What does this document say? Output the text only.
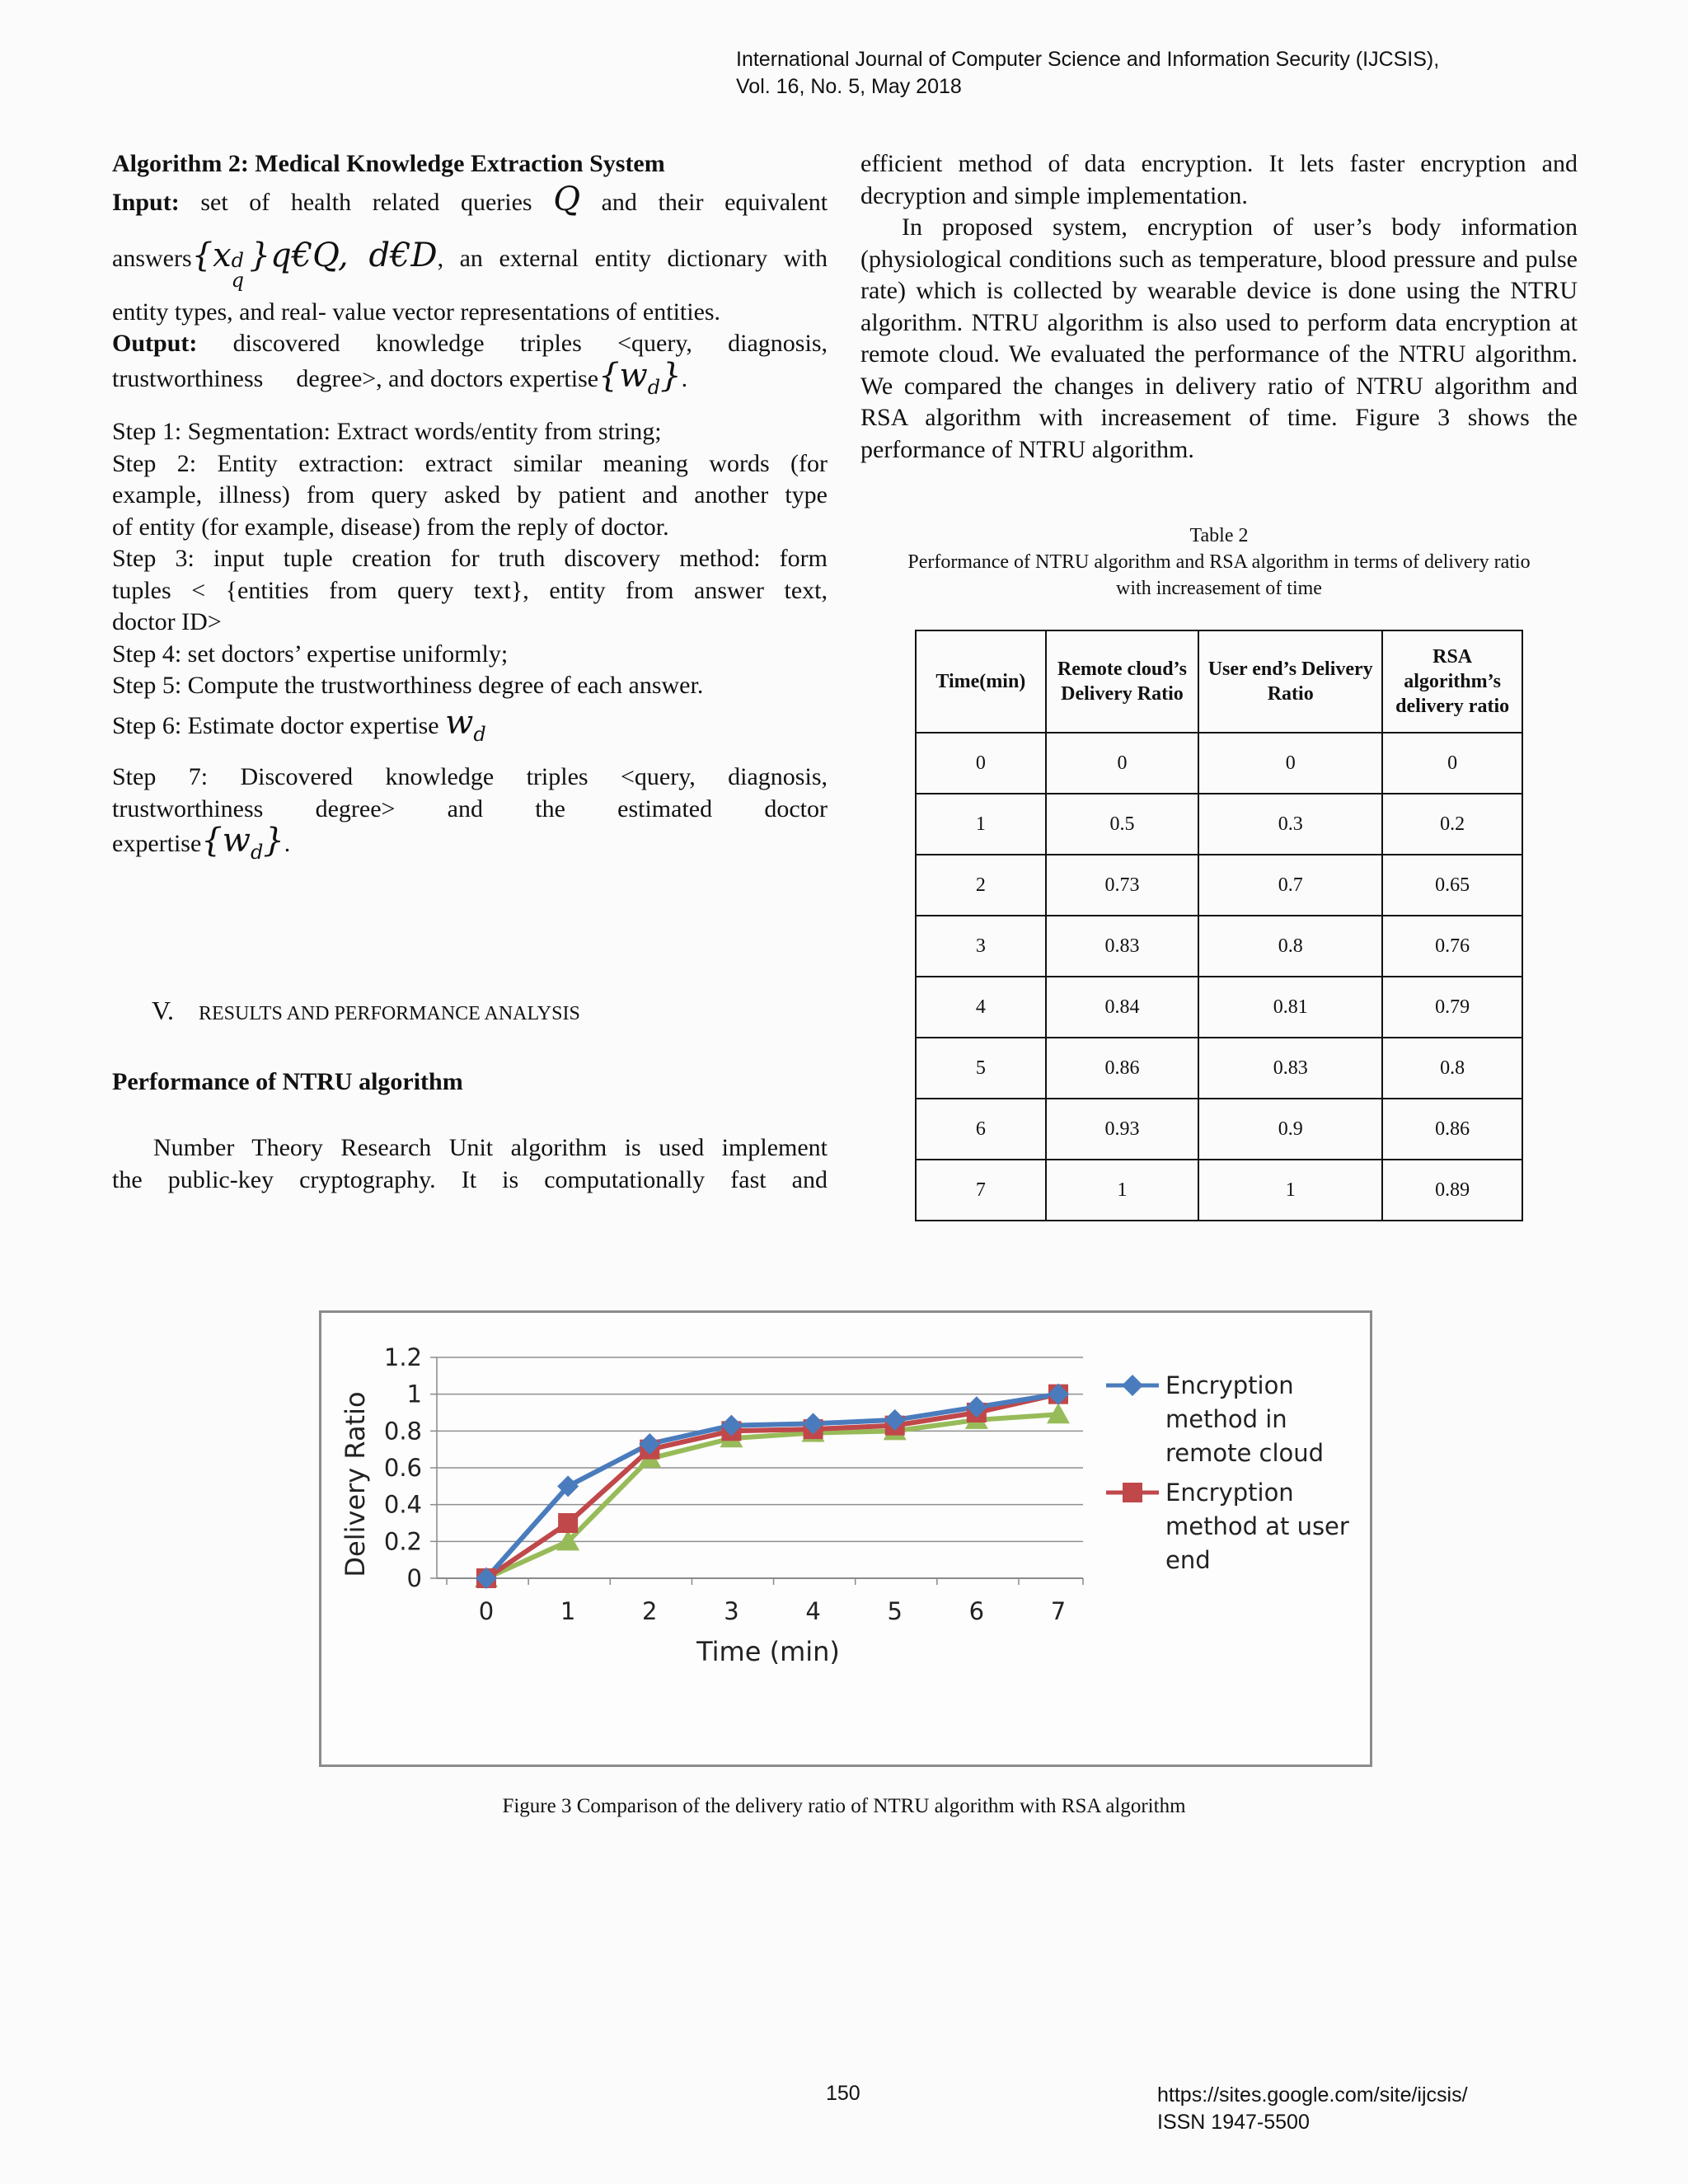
International Journal of Computer Science and Information Security (IJCSIS),
Vol. 16, No. 5, May 2018

Algorithm 2: Medical Knowledge Extraction System

Input: set of health related queries Q and their equivalent

answers{x d
q
}q€Q, d€D, an external entity dictionary with

entity types, and real- value vector representations of entities.

Output: discovered knowledge triples <query, diagnosis,

trustworthiness degree>, and doctors $expertise\{w_d\}$.

Step 1: Segmentation: Extract words/entity from string;

Step 2: Entity extraction: extract similar meaning words (for

example, illness) from query asked by patient and another type

of entity (for example, disease) from the reply of doctor.

Step 3: input tuple creation for truth discovery method: form

tuples < {entities from query text}, entity from answer text,

doctor ID>

Step 4: set doctors’ expertise uniformly;

Step 5: Compute the trustworthiness degree of each answer.

Step 6: Estimate doctor expertise $w_d$

Step 7: Discovered knowledge triples <query, diagnosis,

trustworthiness degree> and the estimated doctor

$expertise\{w_d\}$.

V. RESULTS AND PERFORMANCE ANALYSIS
Performance of NTRU algorithm

Number Theory Research Unit algorithm is used implement

the public-key cryptography. It is computationally fast and

efficient method of data encryption. It lets faster encryption and

decryption and simple implementation.

In proposed system, encryption of user’s body information (physiological conditions such as temperature, blood pressure and pulse rate) which is collected by wearable device is done using the NTRU algorithm. NTRU algorithm is also used to perform data encryption at remote cloud. We evaluated the performance of the NTRU algorithm. We compared the changes in delivery ratio of NTRU algorithm and RSA algorithm with increasement of time. Figure 3 shows the performance of NTRU algorithm.

Table 2
Performance of NTRU algorithm and RSA algorithm in terms of delivery ratio
with increasement of time
Time(min)	Remote cloud’s Delivery Ratio	User end’s Delivery Ratio	RSA algorithm’s delivery ratio
0	0	0	0
1	0.5	0.3	0.2
2	0.73	0.7	0.65
3	0.83	0.8	0.76
4	0.84	0.81	0.79
5	0.86	0.83	0.8
6	0.93	0.9	0.86
7	1	1	0.89
0
0.2
0.4
0.6
0.8
1
1.2
0	1	2	3	4	5	6	7
Time (min)
Delivery Ratio
Encryption
method in
remote cloud
Encryption
method at user
end
Figure 3 Comparison of the delivery ratio of NTRU algorithm with RSA algorithm
150	https://sites.google.com/site/ijcsis/
ISSN 1947-5500
